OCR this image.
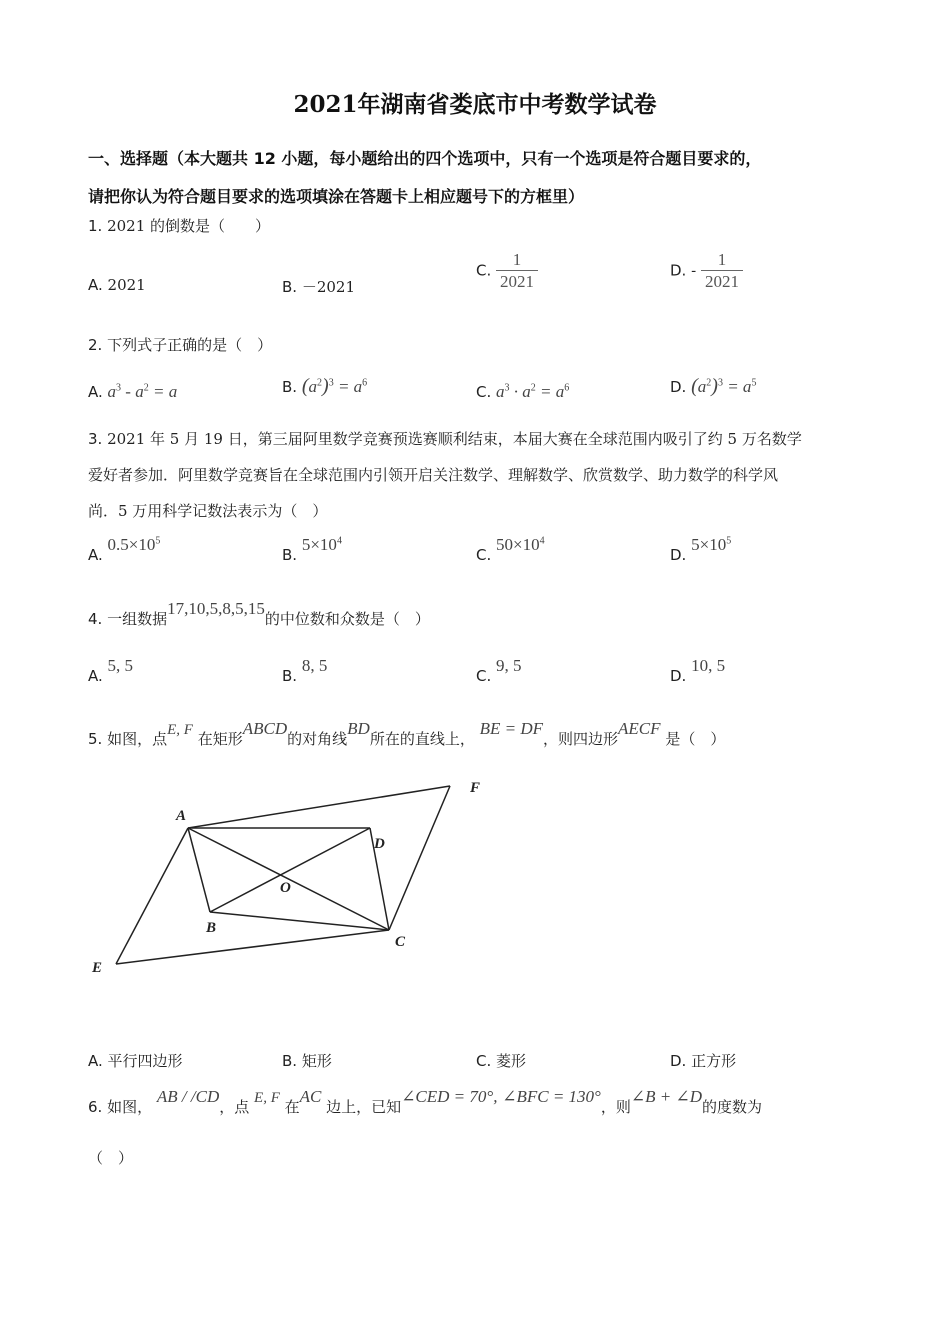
2021年湖南省娄底市中考数学试卷
一、选择题（本大题共 12 小题，每小题给出的四个选项中，只有一个选项是符合题目要求的，
请把你认为符合题目要求的选项填涂在答题卡上相应题号下的方框里）
1. 2021 的倒数是（　　）
A. 2021	B. －2021
C. $\frac{1}{2021}$	D. - $\frac{1}{2021}$
2. 下列式子正确的是（　）
A. $a^3 - a^2 = a$	B. $(a^2)^3 = a^6$
C. $a^3 \cdot a^2 = a^6$	D. $(a^2)^3 = a^5$
3. 2021 年 5 月 19 日，第三届阿里数学竞赛预选赛顺利结束，本届大赛在全球范围内吸引了约 5 万名数学
爱好者参加．阿里数学竞赛旨在全球范围内引领开启关注数学、理解数学、欣赏数学、助力数学的科学风
尚．5 万用科学记数法表示为（　）
A. $0.5\times 10^5$
B. $5\times 10^4$
C. $50\times 10^4$
D. $5\times 10^5$
4. 一组数据17,10,5,8,5,15的中位数和众数是（　）
A. 5, 5
B. 8, 5
C. 9, 5
D. 10, 5
5. 如图，点E, F 在矩形ABCD的对角线BD所在的直线上， BE = DF，则四边形AECF 是（　）
A
F
D
O
B
C
E
A. 平行四边形	B. 矩形	C. 菱形	D. 正方形
6. 如图， AB / /CD，点 E, F 在AC 边上，已知∠CED = 70°, ∠BFC = 130°，则∠B + ∠D的度数为
（　）
